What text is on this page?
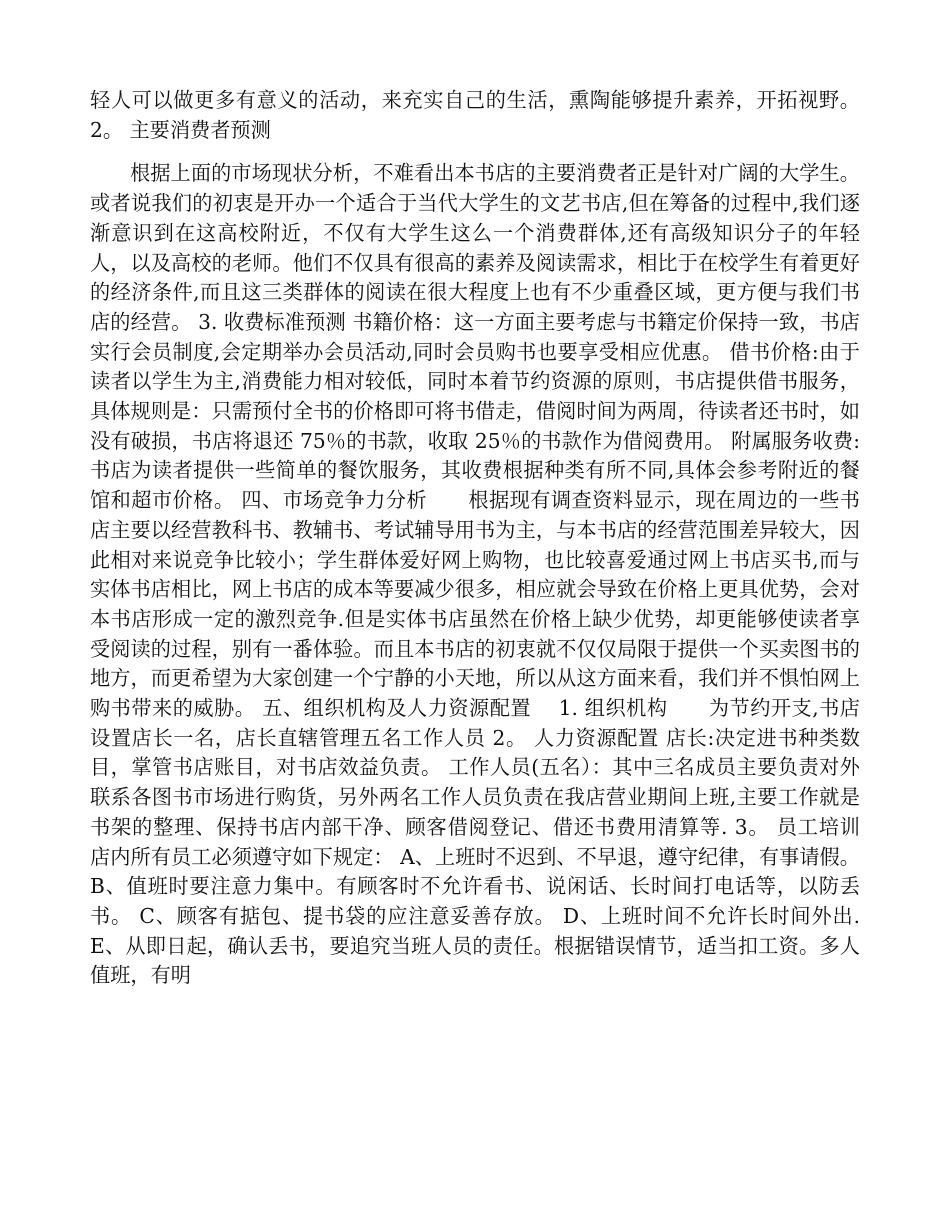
轻人可以做更多有意义的活动，来充实自己的生活，熏陶能够提升素养，开拓视野。 2。 主要消费者预测

根据上面的市场现状分析，不难看出本书店的主要消费者正是针对广阔的大学生。或者说我们的初衷是开办一个适合于当代大学生的文艺书店,但在筹备的过程中,我们逐渐意识到在这高校附近，不仅有大学生这么一个消费群体,还有高级知识分子的年轻人，以及高校的老师。他们不仅具有很高的素养及阅读需求，相比于在校学生有着更好的经济条件,而且这三类群体的阅读在很大程度上也有不少重叠区域，更方便与我们书店的经营。 3. 收费标准预测 书籍价格：这一方面主要考虑与书籍定价保持一致，书店实行会员制度,会定期举办会员活动,同时会员购书也要享受相应优惠。 借书价格:由于读者以学生为主,消费能力相对较低，同时本着节约资源的原则，书店提供借书服务，具体规则是：只需预付全书的价格即可将书借走，借阅时间为两周，待读者还书时，如没有破损，书店将退还 75％的书款，收取 25％的书款作为借阅费用。 附属服务收费:书店为读者提供一些简单的餐饮服务，其收费根据种类有所不同,具体会参考附近的餐馆和超市价格。 四、市场竞争力分析　　根据现有调查资料显示，现在周边的一些书店主要以经营教科书、教辅书、考试辅导用书为主，与本书店的经营范围差异较大，因此相对来说竞争比较小；学生群体爱好网上购物，也比较喜爱通过网上书店买书,而与实体书店相比，网上书店的成本等要减少很多，相应就会导致在价格上更具优势，会对本书店形成一定的激烈竞争.但是实体书店虽然在价格上缺少优势，却更能够使读者享受阅读的过程，别有一番体验。而且本书店的初衷就不仅仅局限于提供一个买卖图书的地方，而更希望为大家创建一个宁静的小天地，所以从这方面来看，我们并不惧怕网上购书带来的威胁。 五、组织机构及人力资源配置　 1. 组织机构　　为节约开支,书店设置店长一名，店长直辖管理五名工作人员 2。 人力资源配置 店长:决定进书种类数目，掌管书店账目，对书店效益负责。 工作人员(五名）：其中三名成员主要负责对外联系各图书市场进行购货，另外两名工作人员负责在我店营业期间上班,主要工作就是书架的整理、保持书店内部干净、顾客借阅登记、借还书费用清算等. 3。 员工培训　　店内所有员工必须遵守如下规定： A、上班时不迟到、不早退，遵守纪律，有事请假。 B、值班时要注意力集中。有顾客时不允许看书、说闲话、长时间打电话等，以防丢书。 C、顾客有掂包、提书袋的应注意妥善存放。 D、上班时间不允许长时间外出. E、从即日起，确认丢书，要追究当班人员的责任。根据错误情节，适当扣工资。多人值班，有明
